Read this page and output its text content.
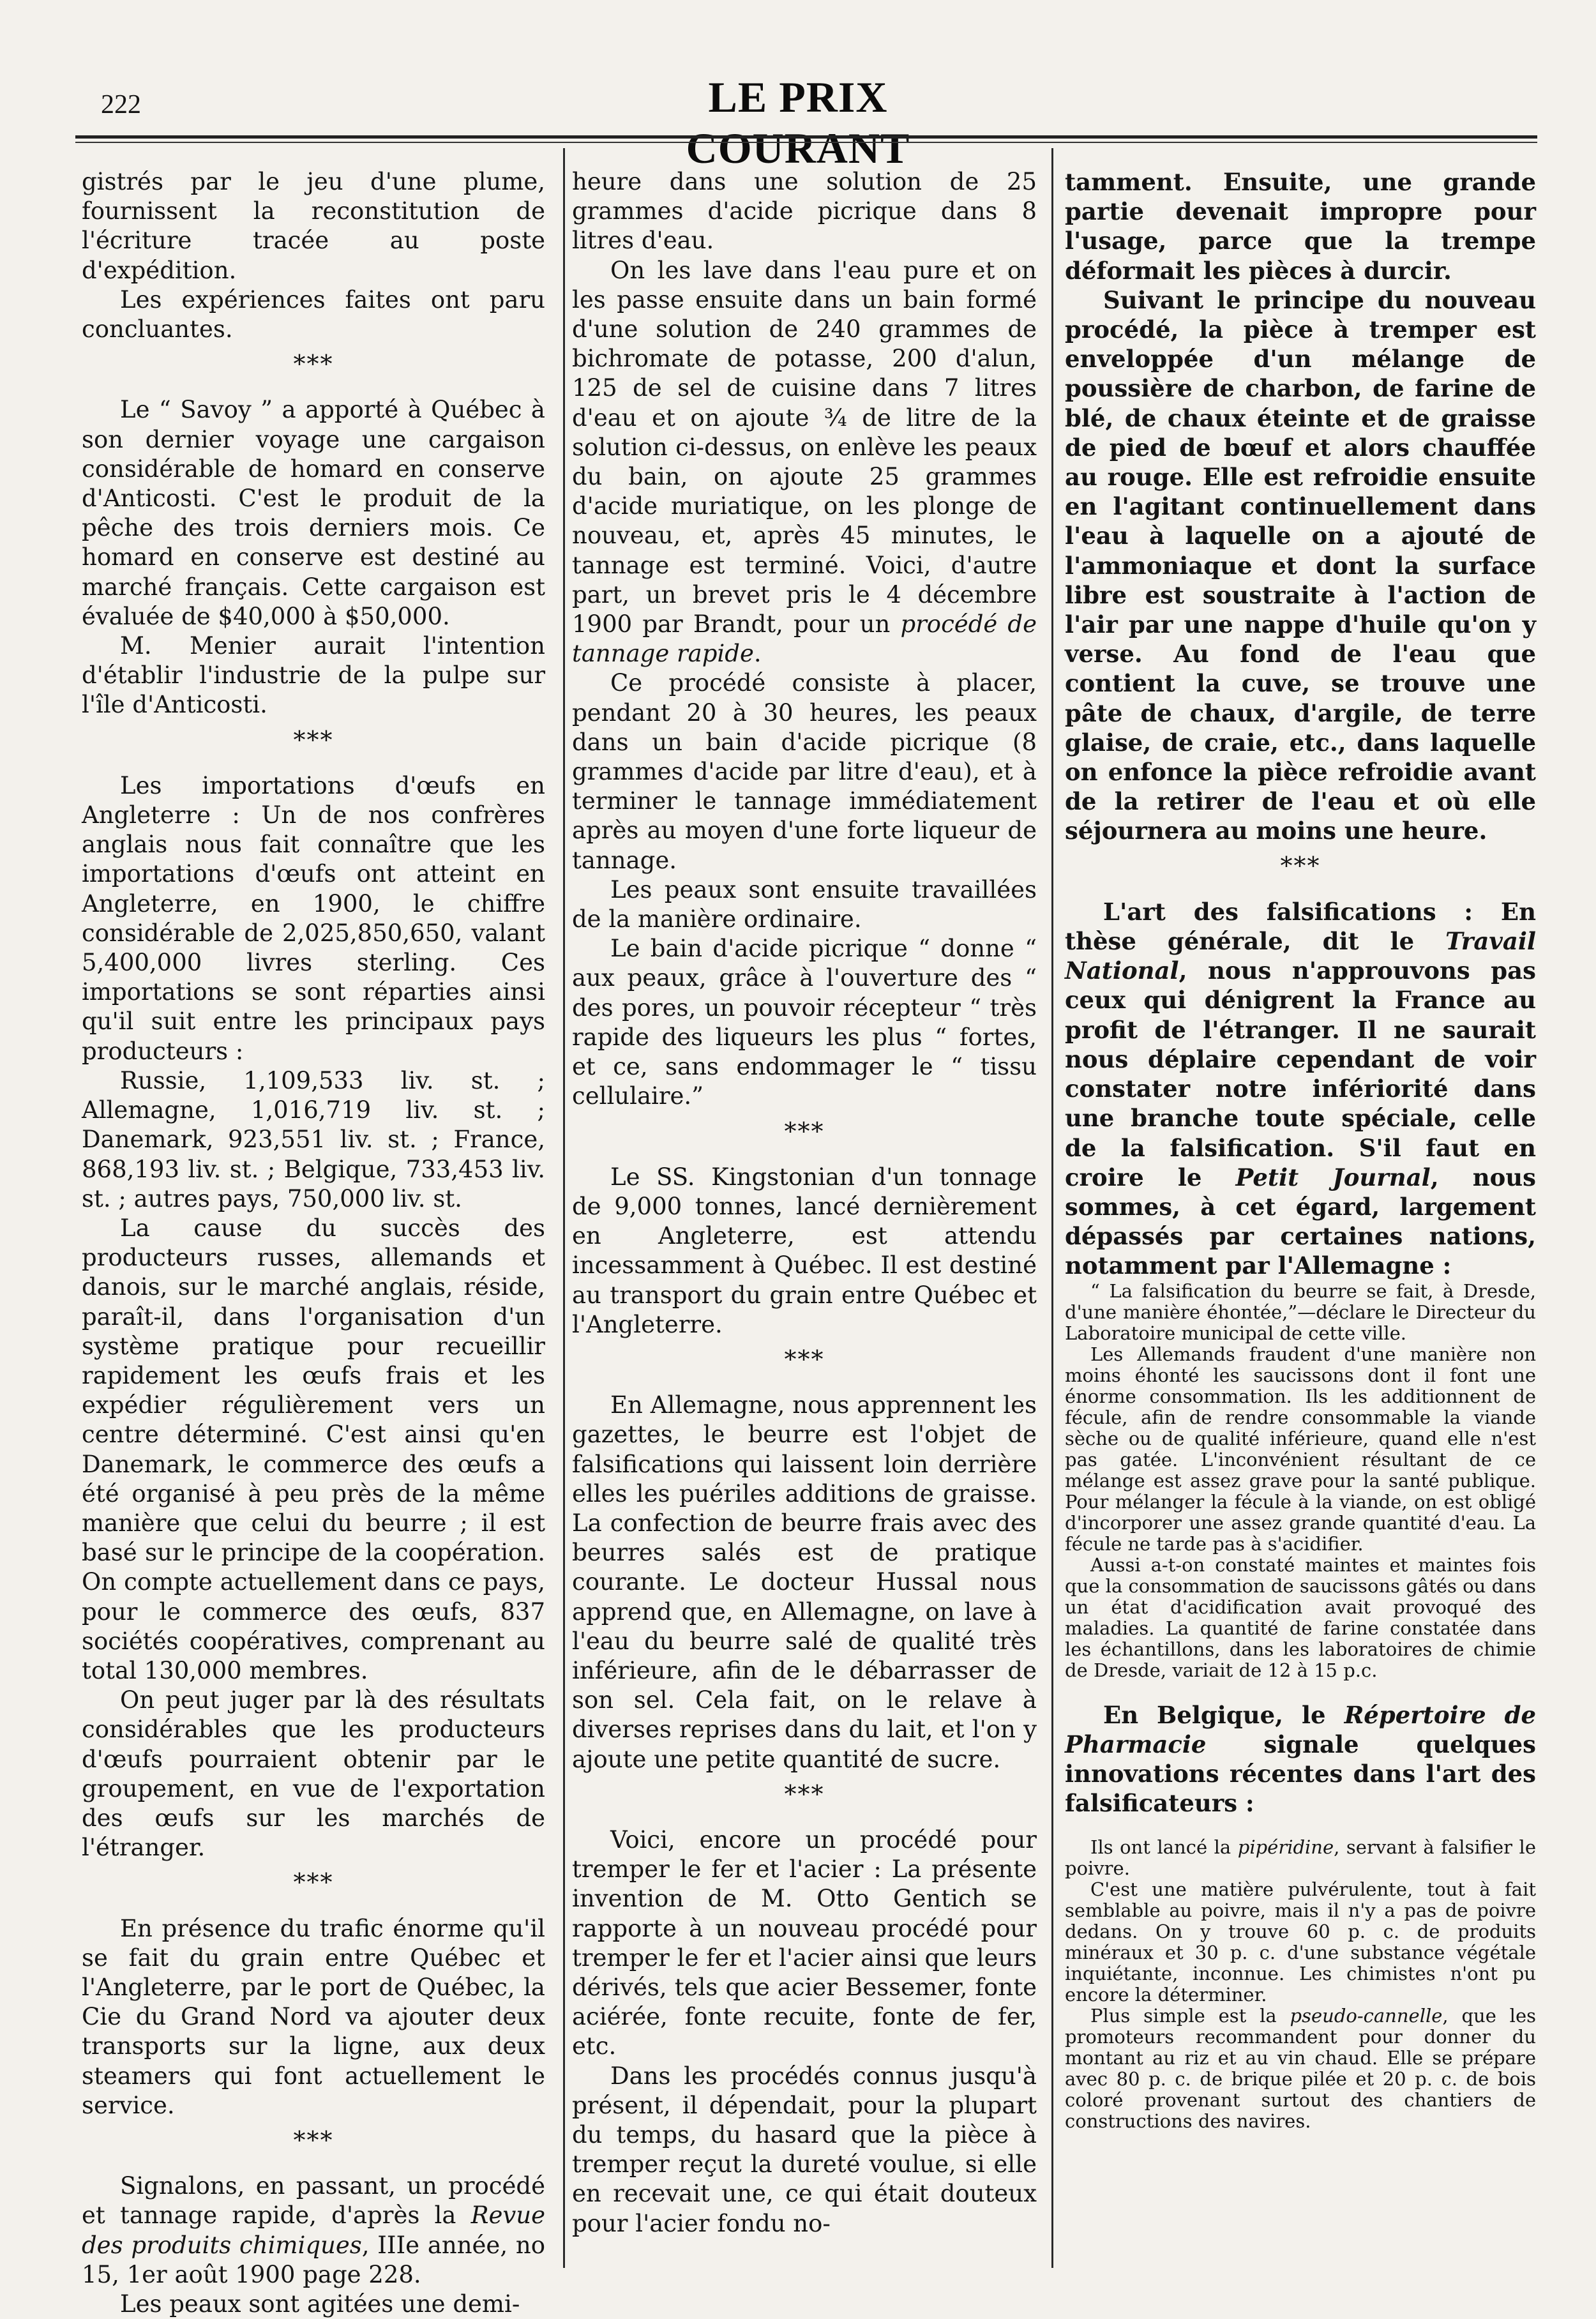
222	LE PRIX COURANT

gistrés par le jeu d'une plume, fournissent la reconstitution de l'écriture tracée au poste d'expédition.

Les expériences faites ont paru concluantes.

***

Le “ Savoy ” a apporté à Québec à son dernier voyage une cargaison considérable de homard en conserve d'Anticosti. C'est le produit de la pêche des trois derniers mois. Ce homard en conserve est destiné au marché français. Cette cargaison est évaluée de $40,000 à $50,000.

M. Menier aurait l'intention d'établir l'industrie de la pulpe sur l'île d'Anticosti.

***

Les importations d'œufs en Angleterre : Un de nos confrères anglais nous fait connaître que les importations d'œufs ont atteint en Angleterre, en 1900, le chiffre considérable de 2,025,850,650, valant 5,400,000 livres sterling. Ces importations se sont réparties ainsi qu'il suit entre les principaux pays producteurs :

Russie, 1,109,533 liv. st. ; Allemagne, 1,016,719 liv. st. ; Danemark, 923,551 liv. st. ; France, 868,193 liv. st. ; Belgique, 733,453 liv. st. ; autres pays, 750,000 liv. st.

La cause du succès des producteurs russes, allemands et danois, sur le marché anglais, réside, paraît-il, dans l'organisation d'un système pratique pour recueillir rapidement les œufs frais et les expédier régulièrement vers un centre déterminé. C'est ainsi qu'en Danemark, le commerce des œufs a été organisé à peu près de la même manière que celui du beurre ; il est basé sur le principe de la coopération. On compte actuellement dans ce pays, pour le commerce des œufs, 837 sociétés coopératives, comprenant au total 130,000 membres.

On peut juger par là des résultats considérables que les producteurs d'œufs pourraient obtenir par le groupement, en vue de l'exportation des œufs sur les marchés de l'étranger.

***

En présence du trafic énorme qu'il se fait du grain entre Québec et l'Angleterre, par le port de Québec, la Cie du Grand Nord va ajouter deux transports sur la ligne, aux deux steamers qui font actuellement le service.

***

Signalons, en passant, un procédé et tannage rapide, d'après la Revue des produits chimiques, IIIe année, no 15, 1er août 1900 page 228.

Les peaux sont agitées une demi-

heure dans une solution de 25 grammes d'acide picrique dans 8 litres d'eau.

On les lave dans l'eau pure et on les passe ensuite dans un bain formé d'une solution de 240 grammes de bichromate de potasse, 200 d'alun, 125 de sel de cuisine dans 7 litres d'eau et on ajoute ¾ de litre de la solution ci-dessus, on enlève les peaux du bain, on ajoute 25 grammes d'acide muriatique, on les plonge de nouveau, et, après 45 minutes, le tannage est terminé. Voici, d'autre part, un brevet pris le 4 décembre 1900 par Brandt, pour un procédé de tannage rapide.

Ce procédé consiste à placer, pendant 20 à 30 heures, les peaux dans un bain d'acide picrique (8 grammes d'acide par litre d'eau), et à terminer le tannage immédiatement après au moyen d'une forte liqueur de tannage.

Les peaux sont ensuite travaillées de la manière ordinaire.

Le bain d'acide picrique “ donne “ aux peaux, grâce à l'ouverture des “ des pores, un pouvoir récepteur “ très rapide des liqueurs les plus “ fortes, et ce, sans endommager le “ tissu cellulaire.”

***

Le SS. Kingstonian d'un tonnage de 9,000 tonnes, lancé dernièrement en Angleterre, est attendu incessamment à Québec. Il est destiné au transport du grain entre Québec et l'Angleterre.

***

En Allemagne, nous apprennent les gazettes, le beurre est l'objet de falsifications qui laissent loin derrière elles les puériles additions de graisse. La confection de beurre frais avec des beurres salés est de pratique courante. Le docteur Hussal nous apprend que, en Allemagne, on lave à l'eau du beurre salé de qualité très inférieure, afin de le débarrasser de son sel. Cela fait, on le relave à diverses reprises dans du lait, et l'on y ajoute une petite quantité de sucre.

***

Voici, encore un procédé pour tremper le fer et l'acier : La présente invention de M. Otto Gentich se rapporte à un nouveau procédé pour tremper le fer et l'acier ainsi que leurs dérivés, tels que acier Bessemer, fonte aciérée, fonte recuite, fonte de fer, etc.

Dans les procédés connus jusqu'à présent, il dépendait, pour la plupart du temps, du hasard que la pièce à tremper reçut la dureté voulue, si elle en recevait une, ce qui était douteux pour l'acier fondu no-

tamment. Ensuite, une grande partie devenait impropre pour l'usage, parce que la trempe déformait les pièces à durcir.

Suivant le principe du nouveau procédé, la pièce à tremper est enveloppée d'un mélange de poussière de charbon, de farine de blé, de chaux éteinte et de graisse de pied de bœuf et alors chauffée au rouge. Elle est refroidie ensuite en l'agitant continuellement dans l'eau à laquelle on a ajouté de l'ammoniaque et dont la surface libre est soustraite à l'action de l'air par une nappe d'huile qu'on y verse. Au fond de l'eau que contient la cuve, se trouve une pâte de chaux, d'argile, de terre glaise, de craie, etc., dans laquelle on enfonce la pièce refroidie avant de la retirer de l'eau et où elle séjournera au moins une heure.

***

L'art des falsifications : En thèse générale, dit le Travail National, nous n'approuvons pas ceux qui dénigrent la France au profit de l'étranger. Il ne saurait nous déplaire cependant de voir constater notre infériorité dans une branche toute spéciale, celle de la falsification. S'il faut en croire le Petit Journal, nous sommes, à cet égard, largement dépassés par certaines nations, notamment par l'Allemagne :

“ La falsification du beurre se fait, à Dresde, d'une manière éhontée,”—déclare le Directeur du Laboratoire municipal de cette ville.

Les Allemands fraudent d'une manière non moins éhonté les saucissons dont il font une énorme consommation. Ils les additionnent de fécule, afin de rendre consommable la viande sèche ou de qualité inférieure, quand elle n'est pas gatée. L'inconvénient résultant de ce mélange est assez grave pour la santé publique. Pour mélanger la fécule à la viande, on est obligé d'incorporer une assez grande quantité d'eau. La fécule ne tarde pas à s'acidifier.

Aussi a-t-on constaté maintes et maintes fois que la consommation de saucissons gâtés ou dans un état d'acidification avait provoqué des maladies. La quantité de farine constatée dans les échantillons, dans les laboratoires de chimie de Dresde, variait de 12 à 15 p.c.

En Belgique, le Répertoire de Pharmacie signale quelques innovations récentes dans l'art des falsificateurs :

Ils ont lancé la pipéridine, servant à falsifier le poivre.

C'est une matière pulvérulente, tout à fait semblable au poivre, mais il n'y a pas de poivre dedans. On y trouve 60 p. c. de produits minéraux et 30 p. c. d'une substance végétale inquiétante, inconnue. Les chimistes n'ont pu encore la déterminer.

Plus simple est la pseudo-cannelle, que les promoteurs recommandent pour donner du montant au riz et au vin chaud. Elle se prépare avec 80 p. c. de brique pilée et 20 p. c. de bois coloré provenant surtout des chantiers de constructions des navires.
